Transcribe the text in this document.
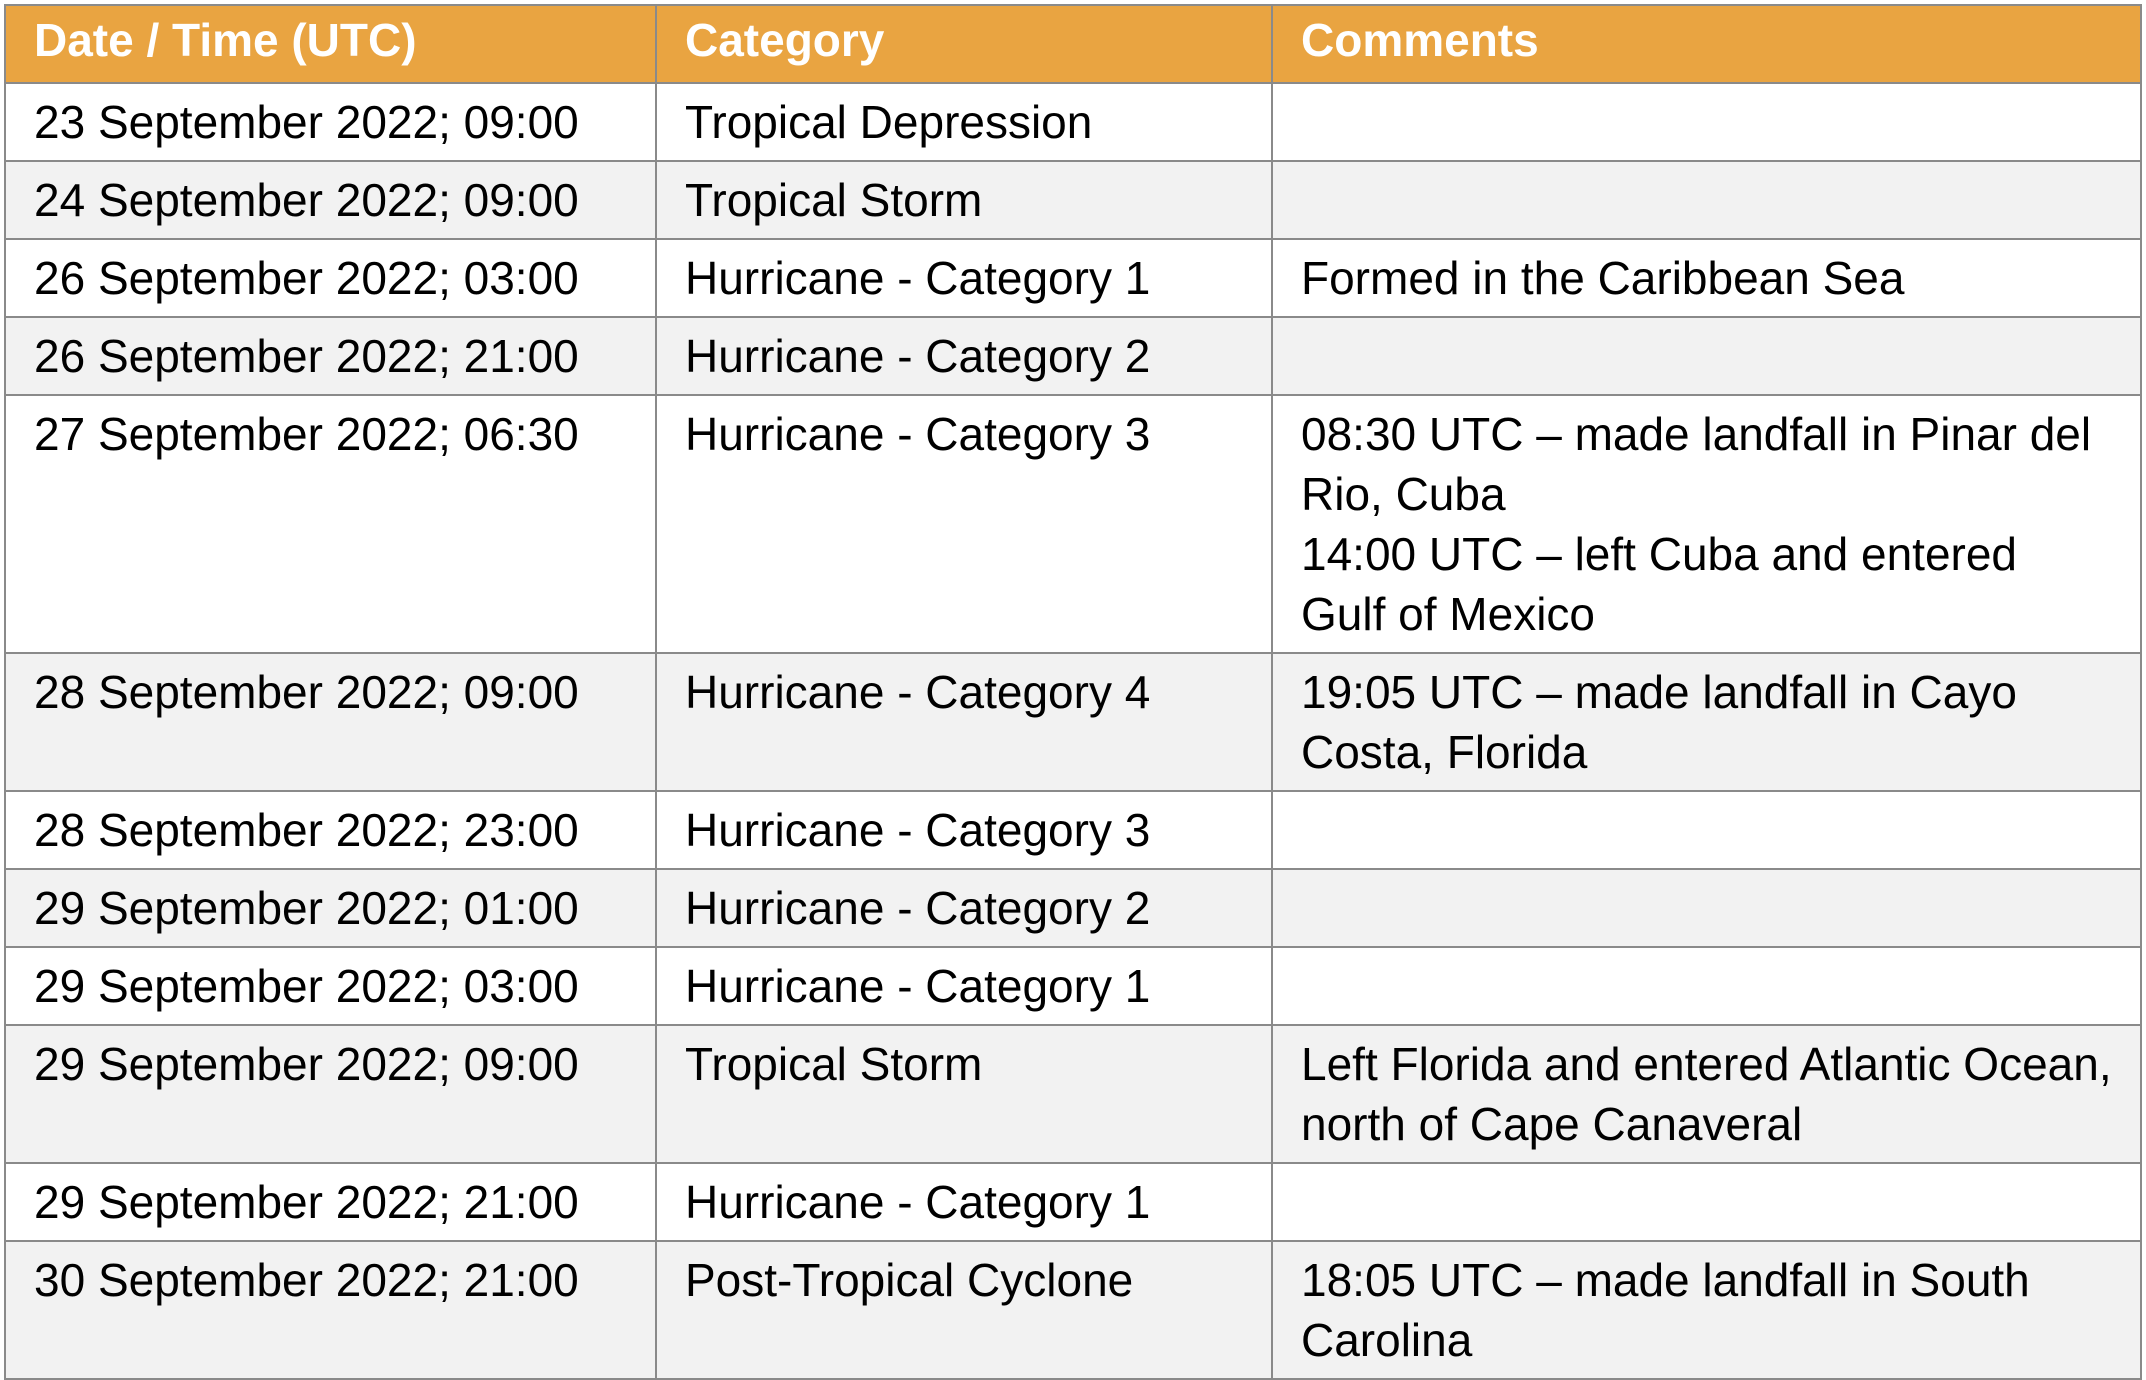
Date / Time (UTC)	Category	Comments
23 September 2022; 09:00	Tropical Depression	
24 September 2022; 09:00	Tropical Storm	
26 September 2022; 03:00	Hurricane - Category 1	Formed in the Caribbean Sea
26 September 2022; 21:00	Hurricane - Category 2	
27 September 2022; 06:30	Hurricane - Category 3	08:30 UTC – made landfall in Pinar del Rio, Cuba
14:00 UTC – left Cuba and entered Gulf of Mexico

28 September 2022; 09:00	Hurricane - Category 4	19:05 UTC – made landfall in Cayo Costa, Florida
28 September 2022; 23:00	Hurricane - Category 3	
29 September 2022; 01:00	Hurricane - Category 2	
29 September 2022; 03:00	Hurricane - Category 1	
29 September 2022; 09:00	Tropical Storm	Left Florida and entered Atlantic Ocean, north of Cape Canaveral
29 September 2022; 21:00	Hurricane - Category 1	
30 September 2022; 21:00	Post-Tropical Cyclone	18:05 UTC – made landfall in South Carolina
